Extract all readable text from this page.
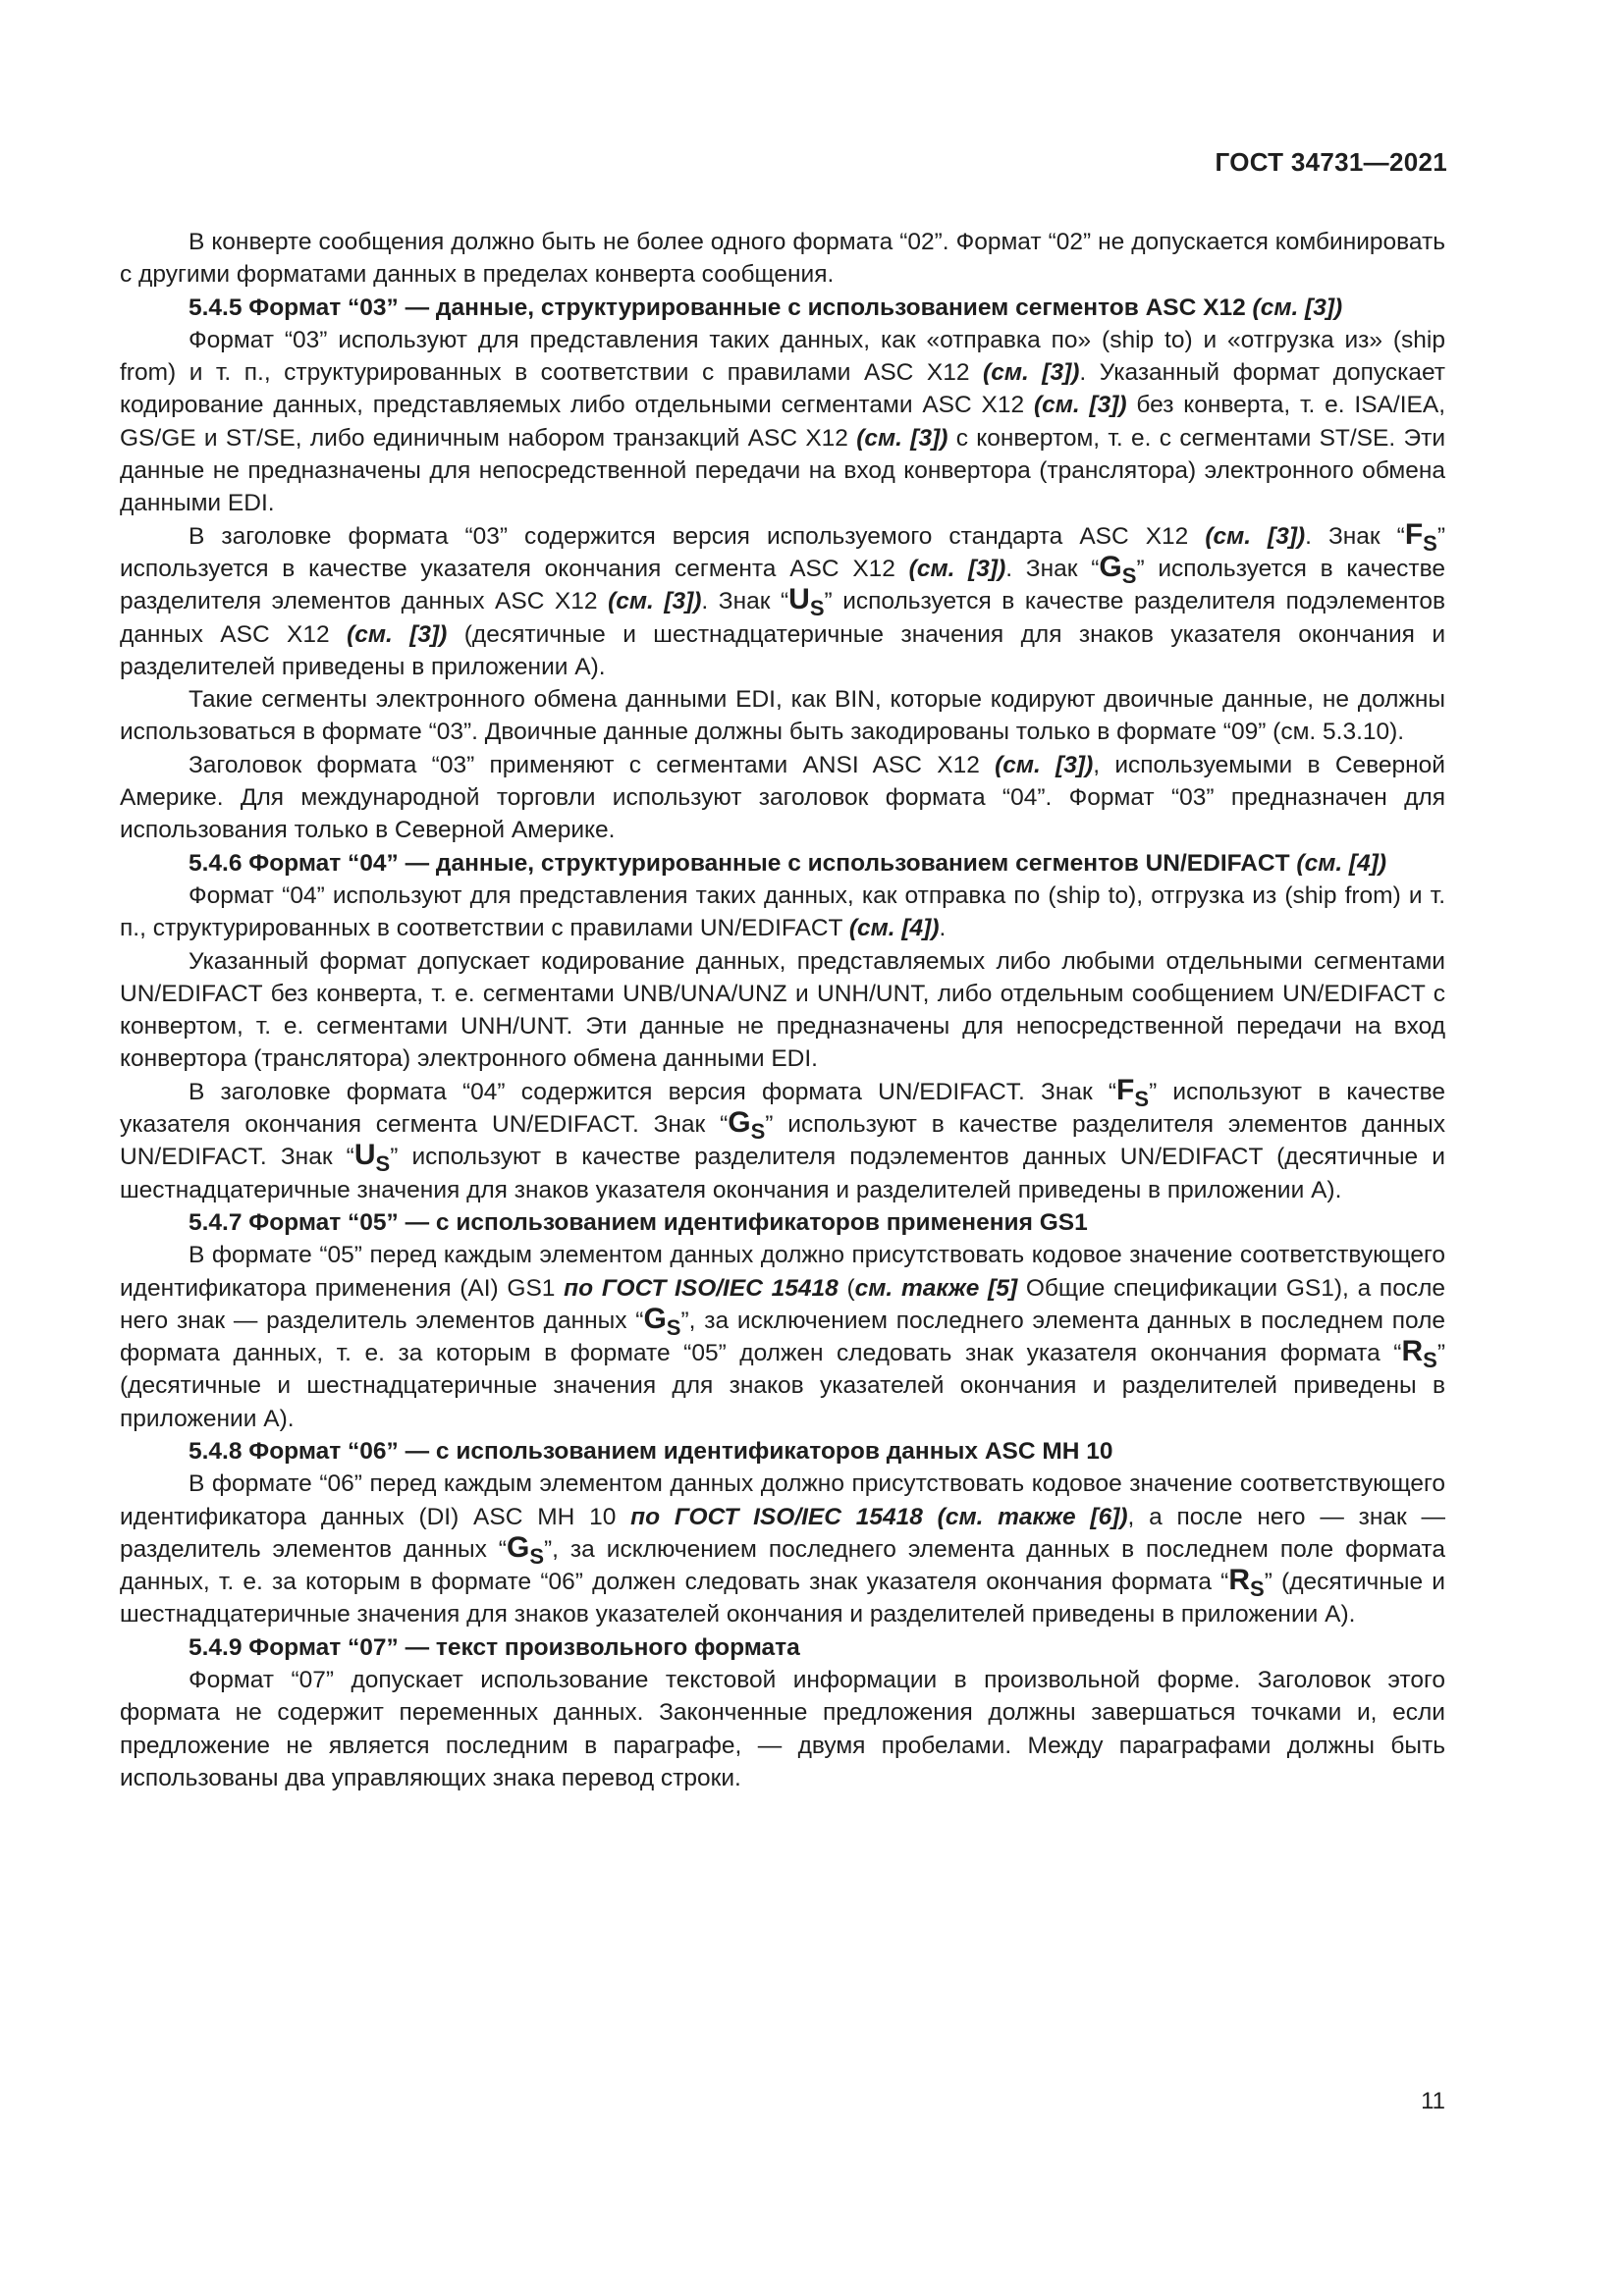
ГОСТ 34731—2021

В конверте сообщения должно быть не более одного формата “02”. Формат “02” не допускается комбинировать с другими форматами данных в пределах конверта сообщения.

5.4.5 Формат “03” — данные, структурированные с использованием сегментов ASC X12 (см. [3])

Формат “03” используют для представления таких данных, как «отправка по» (ship to) и «отгрузка из» (ship from) и т. п., структурированных в соответствии с правилами ASC X12 (см. [3]). Указанный формат допускает кодирование данных, представляемых либо отдельными сегментами ASC X12 (см. [3]) без конверта, т. е. ISA/IEA, GS/GE и ST/SE, либо единичным набором транзакций ASC X12 (см. [3]) с конвертом, т. е. с сегментами ST/SE. Эти данные не предназначены для непосредственной передачи на вход конвертора (транслятора) электронного обмена данными EDI.

В заголовке формата “03” содержится версия используемого стандарта ASC X12 (см. [3]). Знак “$F_S$” используется в качестве указателя окончания сегмента ASC X12 (см. [3]). Знак “$G_S$” используется в качестве разделителя элементов данных ASC X12 (см. [3]). Знак “$U_S$” используется в качестве разделителя подэлементов данных ASC X12 (см. [3]) (десятичные и шестнадцатеричные значения для знаков указателя окончания и разделителей приведены в приложении А).

Такие сегменты электронного обмена данными EDI, как BIN, которые кодируют двоичные данные, не должны использоваться в формате “03”. Двоичные данные должны быть закодированы только в формате “09” (см. 5.3.10).

Заголовок формата “03” применяют с сегментами ANSI ASC X12 (см. [3]), используемыми в Северной Америке. Для международной торговли используют заголовок формата “04”. Формат “03” предназначен для использования только в Северной Америке.

5.4.6 Формат “04” — данные, структурированные с использованием сегментов UN/EDIFACT (см. [4])

Формат “04” используют для представления таких данных, как отправка по (ship to), отгрузка из (ship from) и т. п., структурированных в соответствии с правилами UN/EDIFACT (см. [4]).

Указанный формат допускает кодирование данных, представляемых либо любыми отдельными сегментами UN/EDIFACT без конверта, т. е. сегментами UNB/UNA/UNZ и UNH/UNT, либо отдельным сообщением UN/EDIFACT с конвертом, т. е. сегментами UNH/UNT. Эти данные не предназначены для непосредственной передачи на вход конвертора (транслятора) электронного обмена данными EDI.

В заголовке формата “04” содержится версия формата UN/EDIFACT. Знак “$F_S$” используют в качестве указателя окончания сегмента UN/EDIFACT. Знак “$G_S$” используют в качестве разделителя элементов данных UN/EDIFACT. Знак “$U_S$” используют в качестве разделителя подэлементов данных UN/EDIFACT (десятичные и шестнадцатеричные значения для знаков указателя окончания и разделителей приведены в приложении А).

5.4.7 Формат “05” — с использованием идентификаторов применения GS1

В формате “05” перед каждым элементом данных должно присутствовать кодовое значение соответствующего идентификатора применения (AI) GS1 по ГОСТ ISO/IEC 15418 (см. также [5] Общие спецификации GS1), а после него знак — разделитель элементов данных “$G_S$”, за исключением последнего элемента данных в последнем поле формата данных, т. е. за которым в формате “05” должен следовать знак указателя окончания формата “$R_S$” (десятичные и шестнадцатеричные значения для знаков указателей окончания и разделителей приведены в приложении А).

5.4.8 Формат “06” — с использованием идентификаторов данных ASC MH 10

В формате “06” перед каждым элементом данных должно присутствовать кодовое значение соответствующего идентификатора данных (DI) ASC MH 10 по ГОСТ ISO/IEC 15418 (см. также [6]), а после него — знак — разделитель элементов данных “$G_S$”, за исключением последнего элемента данных в последнем поле формата данных, т. е. за которым в формате “06” должен следовать знак указателя окончания формата “$R_S$” (десятичные и шестнадцатеричные значения для знаков указателей окончания и разделителей приведены в приложении А).

5.4.9 Формат “07” — текст произвольного формата

Формат “07” допускает использование текстовой информации в произвольной форме. Заголовок этого формата не содержит переменных данных. Законченные предложения должны завершаться точками и, если предложение не является последним в параграфе, — двумя пробелами. Между параграфами должны быть использованы два управляющих знака перевод строки.

11
